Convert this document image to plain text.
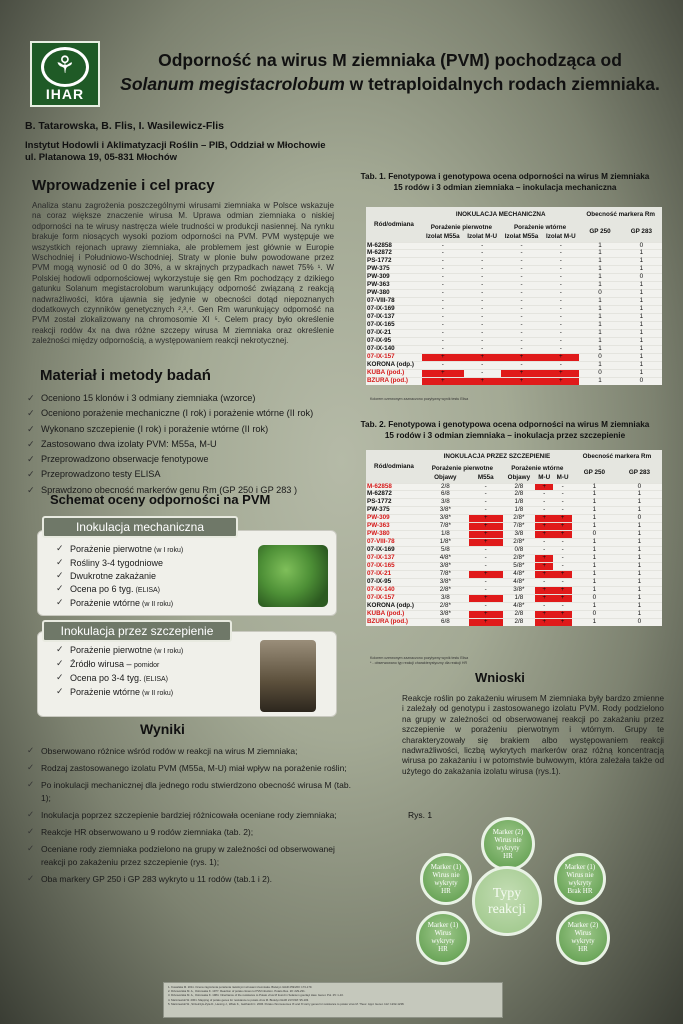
⚘
IHAR
Odporność na wirus M ziemniaka (PVM) pochodząca od
Solanum megistacrolobum w tetraploidalnych rodach ziemniaka.
B. Tatarowska, B. Flis, I. Wasilewicz-Flis
Instytut Hodowli i Aklimatyzacji Roślin – PIB, Oddział w Młochowie
ul. Platanowa 19, 05-831 Młochów
Wprowadzenie i cel pracy
Analiza stanu zagrożenia poszczególnymi wirusami ziemniaka w Polsce wskazuje na coraz większe znaczenie wirusa M. Uprawa odmian ziemniaka o niskiej odporności na te wirusy nastręcza wiele trudności w produkcji nasiennej. Na rynku brakuje form niosących wysoki poziom odporności na PVM. PVM występuje we wszystkich rejonach uprawy ziemniaka, ale problemem jest głównie w Europie Wschodniej i Południowo-Wschodniej. Straty w plonie bulw powodowane przez PVM mogą wynosić od 0 do 30%, a w skrajnych przypadkach nawet 75% ¹. W Polskiej hodowli odpornościowej wykorzystuje się gen Rm pochodzący z dzikiego gatunku Solanum megistacrolobum warunkujący odporność związaną z reakcją nadwrażliwości, która ujawnia się jedynie w obecności dotąd niepoznanych dodatkowych czynników genetycznych ²,³,⁴. Gen Rm warunkujący odporność na PVM został zlokalizowany na chromosomie XI ⁵. Celem pracy było określenie reakcji rodów 4x na dwa różne szczepy wirusa M ziemniaka oraz określenie zależności między odpornością, a występowaniem reakcji nekrotycznej.
Materiał i metody badań
✓ Oceniono 15 klonów i 3 odmiany ziemniaka (wzorce)
✓ Oceniono porażenie mechaniczne (I rok) i porażenie wtórne (II rok)
✓ Wykonano szczepienie (I rok) i porażenie wtórne (II rok)
✓ Zastosowano dwa izolaty PVM: M55a, M-U
✓ Przeprowadzono obserwacje fenotypowe
✓ Przeprowadzono testy ELISA
✓ Sprawdzono obecność markerów genu Rm (GP 250 i GP 283 )
Schemat oceny odporności na PVM
✓ Porażenie pierwotne (w I roku)
✓ Rośliny 3-4 tygodniowe
✓ Dwukrotne zakażanie
✓ Ocena po 6 tyg. (ELISA)
✓ Porażenie wtórne (w II roku)
Inokulacja mechaniczna
✓ Porażenie pierwotne (w I roku)
✓ Źródło wirusa – pomidor
✓ Ocena po 3-4 tyg. (ELISA)
✓ Porażenie wtórne (w II roku)
Inokulacja przez szczepienie
Wyniki
✓ Obserwowano różnice wśród rodów w reakcji na wirus M ziemniaka;
✓ Rodzaj zastosowanego izolatu PVM (M55a, M-U) miał wpływ na porażenie roślin;
✓ Po inokulacji mechanicznej dla jednego rodu stwierdzono obecność wirusa M (tab. 1);
✓ Inokulacja poprzez szczepienie bardziej różnicowała oceniane rody ziemniaka;
✓ Reakcje HR obserwowano u 9 rodów ziemniaka (tab. 2);
✓ Oceniane rody ziemniaka podzielono na grupy w zależności od obserwowanej reakcji po zakażeniu przez szczepienie (rys. 1);
✓ Oba markery GP 250 i GP 283 wykryto u 11 rodów (tab.1 i 2).
Tab. 1. Fenotypowa i genotypowa ocena odporności na wirus M ziemniaka
15 rodów i 3 odmian ziemniaka – inokulacja mechaniczna
Ród/odmiana	INOKULACJA MECHANICZNA				Obecność markera Rm	
	Porażenie pierwotne		Porażenie wtórne		GP 250	GP 283
	Izolat M55a	Izolat M-U	Izolat M55a	Izolat M-U		
M-62858	-	-	-	-	1	0
M-62872	-	-	-	-	1	1
PS-1772	-	-	-	-	1	1
PW-375	-	-	-	-	1	1
PW-309	-	-	-	-	1	0
PW-363	-	-	-	-	1	1
PW-380	-	-	-	-	0	1
07-VIII-78	-	-	-	-	1	1
07-IX-169	-	-	-	-	1	1
07-IX-137	-	-	-	-	1	1
07-IX-165	-	-	-	-	1	1
07-IX-21	-	-	-	-	1	1
07-IX-95	-	-	-	-	1	1
07-IX-140	-	-	-	-	1	1
07-IX-157	+	+	+	+	0	1
KORONA (odp.)	-	-	-	-	1	1
KUBA (pod.)	+	-	+	+	0	1
BZURA (pod.)	+	+	+	+	1	0
Kolorem czerwonym zaznaczono pozytywny wynik testu Elisa
Tab. 2. Fenotypowa i genotypowa ocena odporności na wirus M ziemniaka
15 rodów i 3 odmian ziemniaka – inokulacja przez szczepienie
Ród/odmiana	INOKULACJA PRZEZ SZCZEPIENIE					Obecność markera Rm	
	Porażenie pierwotne		Porażenie wtórne			GP 250	GP 283
	Objawy	M55a	Objawy	M-U	M-U		
M-62858	2/8	-	2/8	+	-	1	0
M-62872	6/8	-	2/8	-	-	1	1
PS-1772	3/8	-	1/8	-	-	1	1
PW-375	3/8*	-	1/8	-	-	1	1
PW-309	3/8*	+	2/8*	+	+	1	0
PW-363	7/8*	+	7/8*	+	+	1	1
PW-380	1/8	+	3/8	+	+	0	1
07-VIII-78	1/8*	+	2/8*	-	-	1	1
07-IX-169	5/8	-	0/8	-	-	1	1
07-IX-137	4/8*	-	2/8*	+	-	1	1
07-IX-165	3/8*	-	5/8*	+	-	1	1
07-IX-21	7/8*	+	4/8*	+	+	1	1
07-IX-95	3/8*	-	4/8*	-	-	1	1
07-IX-140	2/8*	-	3/8*	+	+	1	1
07-IX-157	3/8	+	1/8	+	+	0	1
KORONA (odp.)	2/8*	-	4/8*	-	-	1	1
KUBA (pod.)	3/8*	+	2/8	+	+	0	1
BZURA (pod.)	6/8	+	2/8	+	+	1	0
Kolorem czerwonym zaznaczono pozytywny wynik testu Elisa
* - obserwowano typ reakcji charakterystyczny dla reakcji HR
Wnioski
Reakcje roślin po zakażeniu wirusem M ziemniaka były bardzo zmienne i zależały od genotypu i zastosowanego izolatu PVM. Rody podzielono na grupy w zależności od obserwowanej reakcji po zakażaniu przez szczepienie w porażeniu pierwotnym i wtórnym. Grupy te charakteryzowały się brakiem albo występowaniem reakcji nadwrażliwości, liczbą wykrytych markerów oraz różną koncentracją wirusa po zakażaniu i w potomstwie bulwowym, która zależała także od użytego do zakażania izolatu wirusa (rys.1).
Rys. 1
Marker (2)
Wirus nie
wykryty
HR
Marker (1)
Wirus nie
wykryty
HR
Marker (1)
Wirus nie
wykryty
Brak HR
Typy reakcji
Marker (1)
Wirus
wykryty
HR
Marker (2)
Wirus
wykryty
HR
1. Kowalska M. 2011. Ocena zagrożenia porażenia niektórymi wirusami ziemniaka. Biuletyn IHAR 259/260: 173-179.
2. Dziewońska M. A., Ostrowska K. 1977. Reaction of potato clones to PVM infection. Potato Res. 20: 229-231.
3. Dziewońska M. A., Ostrowska K. 1984. Inheritance of the resistance to Potato virus M found in Solanum gourlayi Haw. Genet. Pol. 25: 1-10.
4. Marczewski W. 2001. Mapping of potato genes for resistance to potato virus M. Biuletyn IHAR 217/218: 95-103.
5. Marczewski W., Strzelczyk-Żyta D., Hennig J., Witek K., Gebhardt C. 2006. Potato chromosomes IX and XI carry genes for resistance to potato virus M. Theor. Appl. Genet. 112: 1232-1238.
